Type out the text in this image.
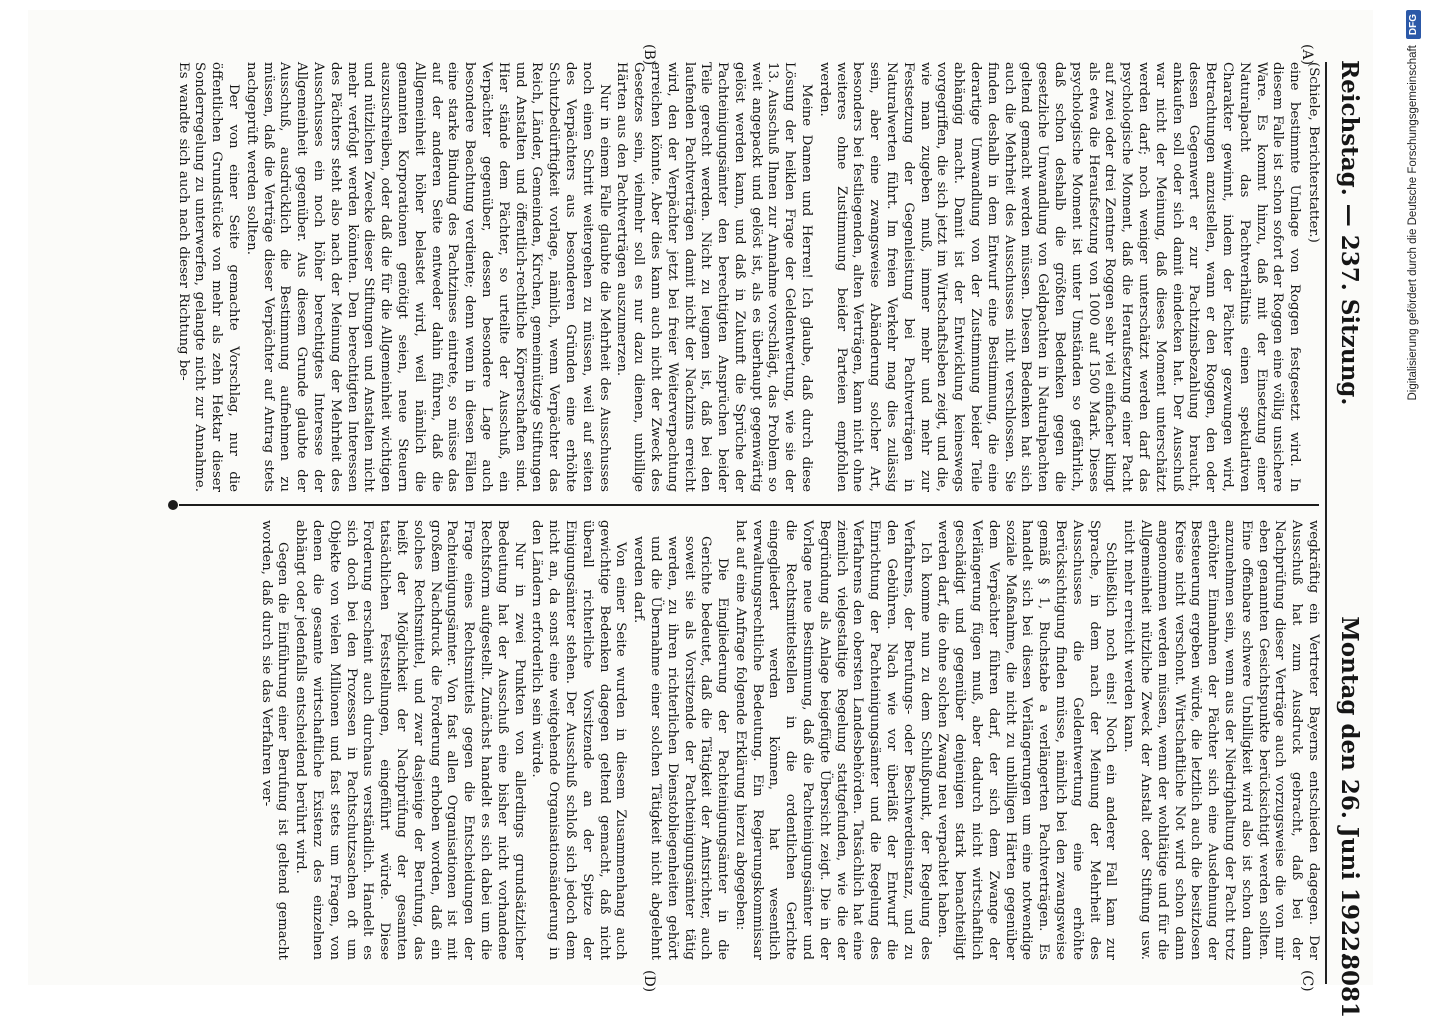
Reichstag. — 237. Sitzung.
Montag den 26. Juni 1922.
8081
(A)
(B)
(C)
(D)
(Schiele, Berichterstatter.)

eine bestimmte Umlage von Roggen festgesetzt wird. In diesem Falle ist schon sofort der Roggen eine völlig unsichere Ware. Es kommt hinzu, daß mit der Einsetzung einer Naturalpacht das Pachtverhältnis einen spekulativen Charakter gewinnt, indem der Pächter gezwungen wird, Betrachtungen anzustellen, wann er den Roggen, den oder dessen Gegenwert er zur Pachtzinsbezahlung braucht, ankaufen soll oder sich damit eindecken hat. Der Ausschuß war nicht der Meinung, daß dieses Moment unterschätzt werden darf; noch weniger unterschätzt werden darf das psychologische Moment, daß die Heraufsetzung einer Pacht auf zwei oder drei Zentner Roggen sehr viel einfacher klingt als etwa die Heraufsetzung von 1000 auf 1500 Mark. Dieses psychologische Moment ist unter Umständen so gefährlich, daß schon deshalb die größten Bedenken gegen die gesetzliche Umwandlung von Geldpachten in Naturalpachten geltend gemacht werden müssen. Diesen Bedenken hat sich auch die Mehrheit des Ausschusses nicht verschlossen. Sie finden deshalb in dem Entwurf eine Bestimmung, die eine derartige Umwandlung von der Zustimmung beider Teile abhängig macht. Damit ist der Entwicklung keineswegs vorgegriffen, die sich jetzt im Wirtschaftsleben zeigt, und die, wie man zugeben muß, immer mehr und mehr zur Festsetzung der Gegenleistung bei Pachtverträgen in Naturalwerten führt. Im freien Verkehr mag dies zulässig sein, aber eine zwangsweise Abänderung solcher Art, besonders bei festliegenden, alten Verträgen, kann nicht ohne weiteres ohne Zustimmung beider Parteien empfohlen werden.

Meine Damen und Herren! Ich glaube, daß durch diese Lösung der heiklen Frage der Geldentwertung, wie sie der 13. Ausschuß Ihnen zur Annahme vorschlägt, das Problem so weit angepackt und gelöst ist, als es überhaupt gegenwärtig gelöst werden kann, und daß in Zukunft die Sprüche der Pachteinigungsämter den berechtigten Ansprüchen beider Teile gerecht werden. Nicht zu leugnen ist, daß bei den laufenden Pachtverträgen damit nicht der Nachzins erreicht wird, den der Verpächter jetzt bei freier Weiterverpachtung erreichen könnte. Aber dies kann auch nicht der Zweck des Gesetzes sein, vielmehr soll es nur dazu dienen, unbillige Härten aus den Pachtverträgen auszumerzen.

Nur in einem Falle glaubte die Mehrheit des Ausschusses noch einen Schritt weitergehen zu müssen, weil auf seiten des Verpächters aus besonderen Gründen eine erhöhte Schutzbedürftigkeit vorlage, nämlich, wenn Verpächter das Reich, Länder, Gemeinden, Kirchen, gemeinnützige Stiftungen und Anstalten und öffentlich-rechtliche Körperschaften sind. Hier stände dem Pächter, so urteilte der Ausschuß, ein Verpächter gegenüber, dessen besondere Lage auch besondere Beachtung verdiente; denn wenn in diesen Fällen eine starke Bindung des Pachtzinses eintrete, so müsse das auf der anderen Seite entweder dahin führen, daß die Allgemeinheit höher belastet wird, weil nämlich die genannten Korporationen genötigt seien, neue Steuern auszuschreiben, oder daß die für die Allgemeinheit wichtigen und nützlichen Zwecke dieser Stiftungen und Anstalten nicht mehr verfolgt werden könnten. Den berechtigten Interessen des Pächters steht also nach der Meinung der Mehrheit des Ausschusses ein noch höher berechtigtes Interesse der Allgemeinheit gegenüber. Aus diesem Grunde glaubte der Ausschuß, ausdrücklich die Bestimmung aufnehmen zu müssen, daß die Verträge dieser Verpächter auf Antrag stets nachgeprüft werden sollten.

Der von einer Seite gemachte Vorschlag, nur die öffentlichen Grundstücke von mehr als zehn Hektar dieser Sonderregelung zu unterwerfen, gelangte nicht zur Annahme. Es wandte sich auch nach dieser Richtung be-

wegkräftig ein Vertreter Bayerns entschieden dagegen. Der Ausschuß hat zum Ausdruck gebracht, daß bei der Nachprüfung dieser Verträge auch vorzugsweise die von mir eben genannten Gesichtspunkte berücksichtigt werden sollten. Eine offenbare schwere Unbilligkeit wird also ist schon dann anzunehmen sein, wenn aus der Niedrighaltung der Pacht trotz erhöhter Einnahmen der Pächter sich eine Ausdehnung der Besteuerung ergeben würde, die letztlich auch die besitzlosen Kreise nicht verschont. Wirtschaftliche Not wird schon dann angenommen werden müssen, wenn der wohltätige und für die Allgemeinheit nützliche Zweck der Anstalt oder Stiftung usw. nicht mehr erreicht werden kann.

Schließlich noch eins! Noch ein anderer Fall kam zur Sprache, in dem nach der Meinung der Mehrheit des Ausschusses die Geldentwertung eine erhöhte Berücksichtigung finden müsse, nämlich bei den zwangsweise gemäß § 1, Buchstabe a verlängerten Pachtverträgen. Es handelt sich bei diesen Verlängerungen um eine notwendige soziale Maßnahme, die nicht zu unbilligen Härten gegenüber dem Verpächter führen darf, der sich dem Zwange der Verlängerung fügen muß, aber dadurch nicht wirtschaftlich geschädigt und gegenüber denjenigen stark benachteiligt werden darf, die ohne solchen Zwang neu verpachtet haben.

Ich komme nun zu dem Schlußpunkt, der Regelung des Verfahrens, der Berufungs- oder Beschwerdeinstanz, und zu den Gebühren. Nach wie vor überläßt der Entwurf die Einrichtung der Pachteinigungsämter und die Regelung des Verfahrens den obersten Landesbehörden. Tatsächlich hat eine ziemlich vielgestaltige Regelung stattgefunden, wie die der Begründung als Anlage beigefügte Übersicht zeigt. Die in der Vorlage neue Bestimmung, daß die Pachteinigungsämter und die Rechtsmittelstellen in die ordentlichen Gerichte eingegliedert werden können, hat wesentlich verwaltungsrechtliche Bedeutung. Ein Regierungskommissar hat auf eine Anfrage folgende Erklärung hierzu abgegeben:

Die Eingliederung der Pachteinigungsämter in die Gerichte bedeutet, daß die Tätigkeit der Amtsrichter, auch soweit sie als Vorsitzende der Pachteinigungsämter tätig werden, zu ihren richterlichen Dienstobliegenheiten gehört und die Übernahme einer solchen Tätigkeit nicht abgelehnt werden darf.

Von einer Seite wurden in diesem Zusammenhang auch gewichtige Bedenken dagegen geltend gemacht, daß nicht überall richterliche Vorsitzende an der Spitze der Einigungsämter stehen. Der Ausschuß schloß sich jedoch dem nicht an, da sonst eine weitgehende Organisationsänderung in den Ländern erforderlich sein würde.

Nur in zwei Punkten von allerdings grundsätzlicher Bedeutung hat der Ausschuß eine bisher nicht vorhandene Rechtsform aufgestellt. Zunächst handelt es sich dabei um die Frage eines Rechtsmittels gegen die Entscheidungen der Pachteinigungsämter. Von fast allen Organisationen ist mit großem Nachdruck die Forderung erhoben worden, daß ein solches Rechtsmittel, und zwar dasjenige der Berufung, das heißt der Möglichkeit der Nachprüfung der gesamten tatsächlichen Feststellungen, eingeführt würde. Diese Forderung erscheint auch durchaus verständlich. Handelt es sich doch bei den Prozessen in Pachtschutzsachen oft um Objekte von vielen Millionen und fast stets um Fragen, von denen die gesamte wirtschaftliche Existenz des einzelnen abhängt oder jedenfalls entscheidend berührt wird.

Gegen die Einführung einer Berufung ist geltend gemacht worden, daß durch sie das Verfahren ver-

Digitalisierung gefördert durch die Deutsche Forschungsgemeinschaft
DFG
